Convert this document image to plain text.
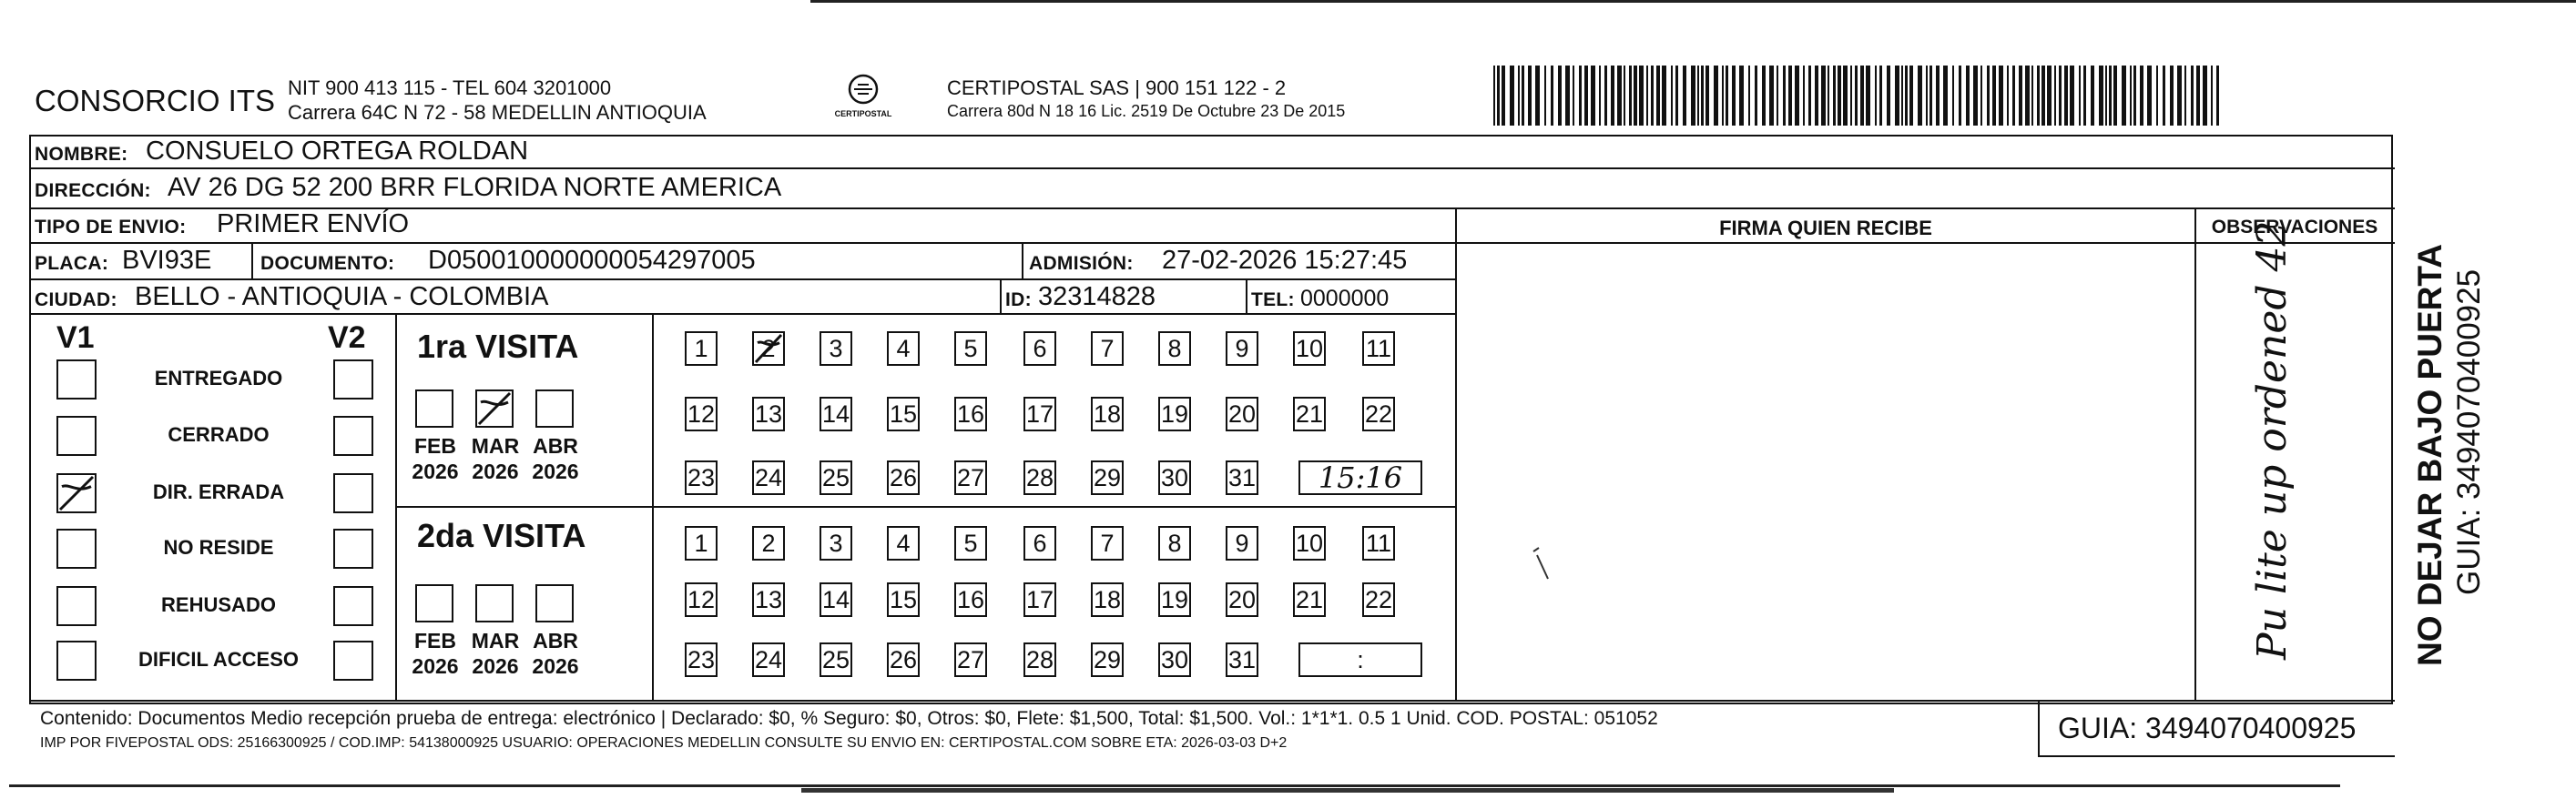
CONSORCIO ITS NIT 900 413 115 - TEL 604 3201000
Carrera 64C N 72 - 58 MEDELLIN ANTIOQUIA	CERTIPOSTAL
CERTIPOSTAL SAS | 900 151 122 - 2
Carrera 80d N 18 16 Lic. 2519 De Octubre 23 De 2015
NOMBRE: CONSUELO ORTEGA ROLDAN
DIRECCIÓN: AV 26 DG 52 200 BRR FLORIDA NORTE AMERICA
TIPO DE ENVIO: PRIMER ENVÍO	FIRMA QUIEN RECIBE	OBSERVACIONES
PLACA: BVI93E	DOCUMENTO: D050010000000054297005	ADMISIÓN: 27-02-2026 15:27:45
CIUDAD: BELLO - ANTIOQUIA - COLOMBIA	ID: 32314828	TEL: 0000000
V1	V2
ENTREGADO
CERRADO
DIR. ERRADA
NO RESIDE
REHUSADO
DIFICIL ACCESO
1ra VISITA
2da VISITA
FEB
2026
MAR
2026
ABR
2026
FEB
2026
MAR
2026
ABR
2026
1	2	3	4	5	6	7	8	9	10 11
12 13 14 15 16 17 18 19 20 21 22
23 24 25 26 27 28 29 30 31	15:16
1	2	3	4	5	6	7	8	9	10 11
12 13 14 15 16 17 18 19 20 21 22
23 24 25 26 27 28 29 30 31	:	Pu lite up ordened 42
Contenido: Documentos Medio recepción prueba de entrega: electrónico | Declarado: $0, % Seguro: $0, Otros: $0, Flete: $1,500, Total: $1,500. Vol.: 1*1*1. 0.5 1 Unid. COD. POSTAL: 051052
IMP POR FIVEPOSTAL ODS: 25166300925 / COD.IMP: 54138000925 USUARIO: OPERACIONES MEDELLIN CONSULTE SU ENVIO EN: CERTIPOSTAL.COM SOBRE ETA: 2026-03-03 D+2	GUIA: 3494070400925
NO DEJAR BAJO PUERTA GUIA: 3494070400925
